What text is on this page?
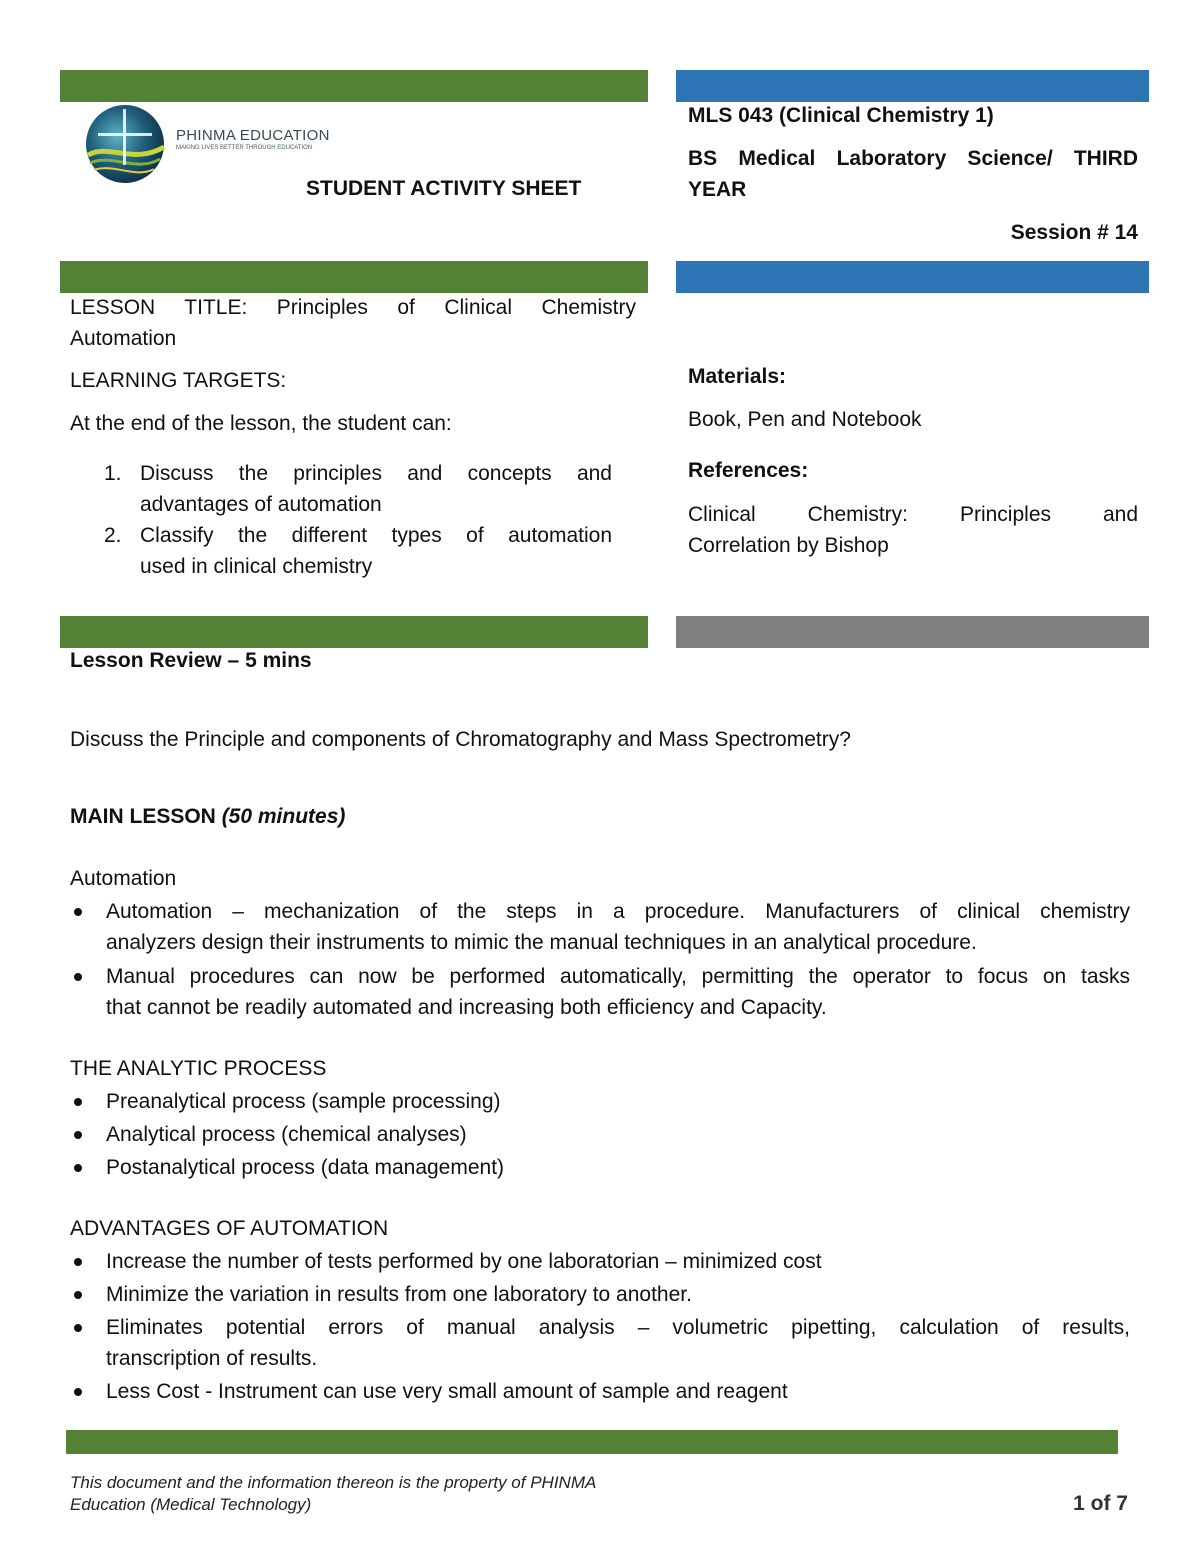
PHINMA EDUCATION
MAKING LIVES BETTER THROUGH EDUCATION
STUDENT ACTIVITY SHEET
MLS 043 (Clinical Chemistry 1)
BS Medical Laboratory Science/ THIRD
YEAR
Session # 14
LESSON TITLE: Principles of Clinical Chemistry
Automation
LEARNING TARGETS:
At the end of the lesson, the student can:
1. Discuss the principles and concepts and
advantages of automation
2. Classify the different types of automation
used in clinical chemistry
Materials:
Book, Pen and Notebook
References:
Clinical Chemistry: Principles and
Correlation by Bishop
Lesson Review – 5 mins
Discuss the Principle and components of Chromatography and Mass Spectrometry?
MAIN LESSON (50 minutes)
Automation
Automation – mechanization of the steps in a procedure. Manufacturers of clinical chemistry
analyzers design their instruments to mimic the manual techniques in an analytical procedure.
Manual procedures can now be performed automatically, permitting the operator to focus on tasks
that cannot be readily automated and increasing both efficiency and Capacity.
THE ANALYTIC PROCESS
Preanalytical process (sample processing)
Analytical process (chemical analyses)
Postanalytical process (data management)
ADVANTAGES OF AUTOMATION
Increase the number of tests performed by one laboratorian – minimized cost
Minimize the variation in results from one laboratory to another.
Eliminates potential errors of manual analysis – volumetric pipetting, calculation of results,
transcription of results.
Less Cost - Instrument can use very small amount of sample and reagent
This document and the information thereon is the property of PHINMA
Education (Medical Technology)	1 of 7
